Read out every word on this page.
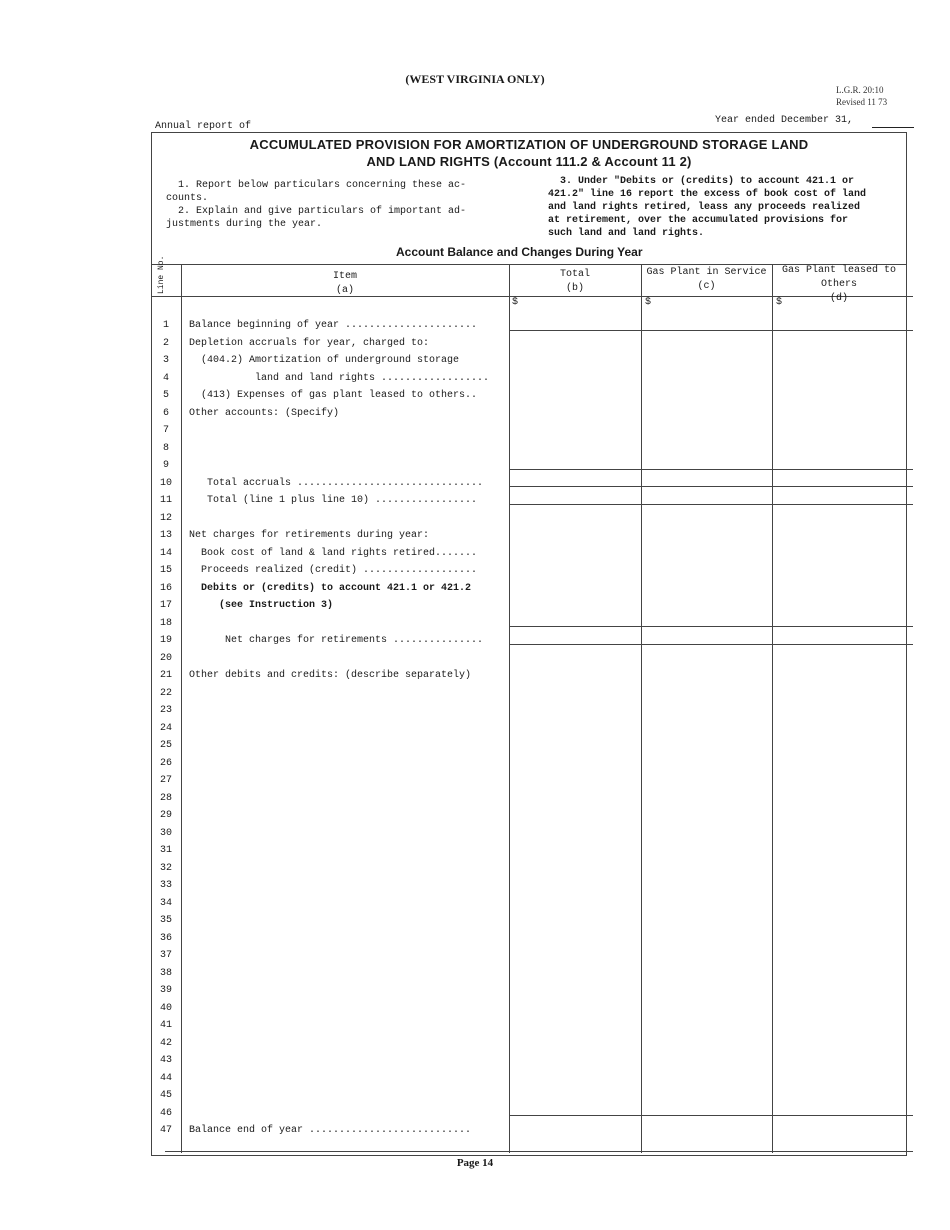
(WEST VIRGINIA ONLY)
L.G.R. 20:10
Revised 11 73
Annual report of
Year ended December 31,
ACCUMULATED PROVISION FOR AMORTIZATION OF UNDERGROUND STORAGE LAND
AND LAND RIGHTS (Account 111.2 & Account 11 2)
1. Report below particulars concerning these ac-
counts.
2. Explain and give particulars of important ad-
justments during the year.
3. Under "Debits or (credits) to account 421.1 or
421.2" line 16 report the excess of book cost of land
and land rights retired, leass any proceeds realized
at retirement, over the accumulated provisions for
such land and land rights.
Account Balance and Changes During Year
Line No.	Item
(a)
Total
(b)
Gas Plant in Service
(c)
Gas Plant leased to Others
(d)
$	$	$
1	Balance beginning of year ......................
2	Depletion accruals for year, charged to:
3	(404.2) Amortization of underground storage
4	land and land rights ..................
5	(413) Expenses of gas plant leased to others..
6	Other accounts: (Specify)
7
8
9
10	Total accruals ...............................
11	Total (line 1 plus line 10) .................
12
13	Net charges for retirements during year:
14	Book cost of land & land rights retired.......
15	Proceeds realized (credit) ...................
16	Debits or (credits) to account 421.1 or 421.2
17	(see Instruction 3)
18
19	Net charges for retirements ...............
20
21	Other debits and credits: (describe separately)
22
23
24
25
26
27
28
29
30
31
32
33
34
35
36
37
38
39
40
41
42
43
44
45
46
47	Balance end of year ...........................
Page 14
